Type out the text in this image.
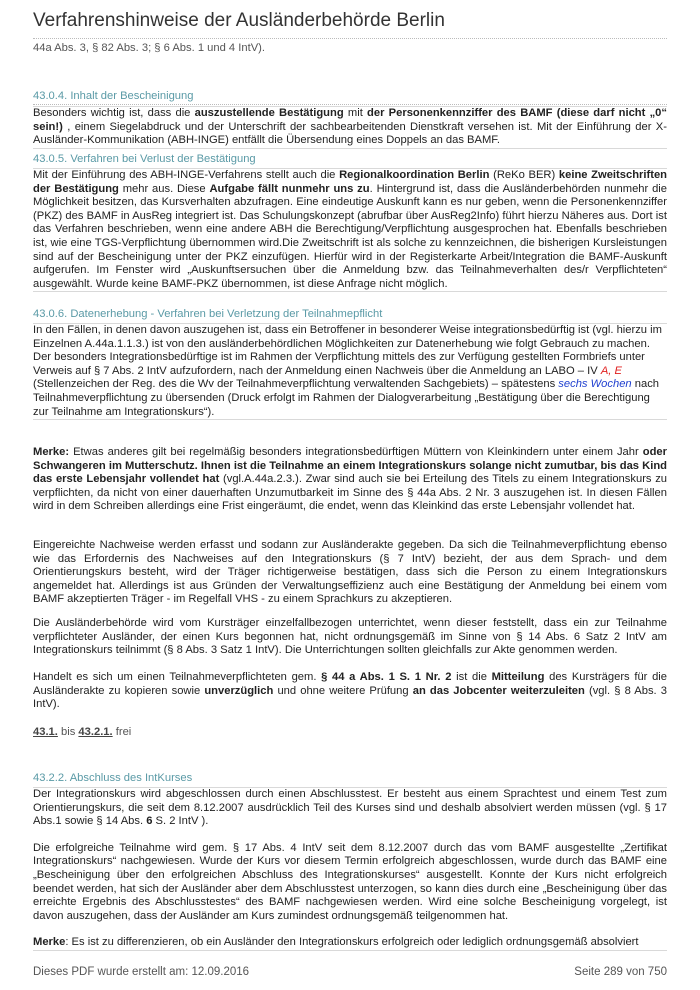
Verfahrenshinweise der Ausländerbehörde Berlin
44a Abs. 3, § 82 Abs. 3; § 6 Abs. 1 und 4 IntV).
43.0.4. Inhalt der Bescheinigung
Besonders wichtig ist, dass die auszustellende Bestätigung mit der Personenkennziffer des BAMF (diese darf nicht „0“ sein!) , einem Siegelabdruck und der Unterschrift der sachbearbeitenden Dienstkraft versehen ist. Mit der Einführung der X-Ausländer-Kommunikation (ABH-INGE) entfällt die Übersendung eines Doppels an das BAMF.
43.0.5. Verfahren bei Verlust der Bestätigung
Mit der Einführung des ABH-INGE-Verfahrens stellt auch die Regionalkoordination Berlin (ReKo BER) keine Zweitschriften der Bestätigung mehr aus. Diese Aufgabe fällt nunmehr uns zu. Hintergrund ist, dass die Ausländerbehörden nunmehr die Möglichkeit besitzen, das Kursverhalten abzufragen. Eine eindeutige Auskunft kann es nur geben, wenn die Personenkennziffer (PKZ) des BAMF in AusReg integriert ist. Das Schulungskonzept (abrufbar über AusReg2Info) führt hierzu Näheres aus. Dort ist das Verfahren beschrieben, wenn eine andere ABH die Berechtigung/Verpflichtung ausgesprochen hat. Ebenfalls beschrieben ist, wie eine TGS-Verpflichtung übernommen wird.Die Zweitschrift ist als solche zu kennzeichnen, die bisherigen Kursleistungen sind auf der Bescheinigung unter der PKZ einzufügen. Hierfür wird in der Registerkarte Arbeit/Integration die BAMF-Auskunft aufgerufen. Im Fenster wird „Auskunftsersuchen über die Anmeldung bzw. das Teilnahmeverhalten des/r Verpflichteten“ ausgewählt. Wurde keine BAMF-PKZ übernommen, ist diese Anfrage nicht möglich.
43.0.6. Datenerhebung - Verfahren bei Verletzung der Teilnahmepflicht

In den Fällen, in denen davon auszugehen ist, dass ein Betroffener in besonderer Weise integrationsbedürftig ist (vgl. hierzu im Einzelnen A.44a.1.1.3.) ist von den ausländerbehördlichen Möglichkeiten zur Datenerhebung wie folgt Gebrauch zu machen.

Der besonders Integrationsbedürftige ist im Rahmen der Verpflichtung mittels des zur Verfügung gestellten Formbriefs unter Verweis auf § 7 Abs. 2 IntV aufzufordern, nach der Anmeldung einen Nachweis über die Anmeldung an LABO – IV A, E (Stellenzeichen der Reg. des die Wv der Teilnahmeverpflichtung verwaltenden Sachgebiets) – spätestens sechs Wochen nach Teilnahmeverpflichtung zu übersenden (Druck erfolgt im Rahmen der Dialogverarbeitung „Bestätigung über die Berechtigung zur Teilnahme am Integrationskurs“).

Merke: Etwas anderes gilt bei regelmäßig besonders integrationsbedürftigen Müttern von Kleinkindern unter einem Jahr oder Schwangeren im Mutterschutz. Ihnen ist die Teilnahme an einem Integrationskurs solange nicht zumutbar, bis das Kind das erste Lebensjahr vollendet hat (vgl.A.44a.2.3.). Zwar sind auch sie bei Erteilung des Titels zu einem Integrationskurs zu verpflichten, da nicht von einer dauerhaften Unzumutbarkeit im Sinne des § 44a Abs. 2 Nr. 3 auszugehen ist. In diesen Fällen wird in dem Schreiben allerdings eine Frist eingeräumt, die endet, wenn das Kleinkind das erste Lebensjahr vollendet hat.
Eingereichte Nachweise werden erfasst und sodann zur Ausländerakte gegeben. Da sich die Teilnahmeverpflichtung ebenso wie das Erfordernis des Nachweises auf den Integrationskurs (§ 7 IntV) bezieht, der aus dem Sprach- und dem Orientierungskurs besteht, wird der Träger richtigerweise bestätigen, dass sich die Person zu einem Integrationskurs angemeldet hat. Allerdings ist aus Gründen der Verwaltungseffizienz auch eine Bestätigung der Anmeldung bei einem vom BAMF akzeptierten Träger - im Regelfall VHS - zu einem Sprachkurs zu akzeptieren.
Die Ausländerbehörde wird vom Kursträger einzelfallbezogen unterrichtet, wenn dieser feststellt, dass ein zur Teilnahme verpflichteter Ausländer, der einen Kurs begonnen hat, nicht ordnungsgemäß im Sinne von § 14 Abs. 6 Satz 2 IntV am Integrationskurs teilnimmt (§ 8 Abs. 3 Satz 1 IntV). Die Unterrichtungen sollten gleichfalls zur Akte genommen werden.
Handelt es sich um einen Teilnahmeverpflichteten gem. § 44 a Abs. 1 S. 1 Nr. 2 ist die Mitteilung des Kursträgers für die Ausländerakte zu kopieren sowie unverzüglich und ohne weitere Prüfung an das Jobcenter weiterzuleiten (vgl. § 8 Abs. 3 IntV).
43.1. bis 43.2.1. frei
43.2.2. Abschluss des IntKurses

Der Integrationskurs wird abgeschlossen durch einen Abschlusstest. Er besteht aus einem Sprachtest und einem Test zum Orientierungskurs, die seit dem 8.12.2007 ausdrücklich Teil des Kurses sind und deshalb absolviert werden müssen (vgl. § 17 Abs.1 sowie § 14 Abs. 6 S. 2 IntV ).

Die erfolgreiche Teilnahme wird gem. § 17 Abs. 4 IntV seit dem 8.12.2007 durch das vom BAMF ausgestellte „Zertifikat Integrationskurs“ nachgewiesen. Wurde der Kurs vor diesem Termin erfolgreich abgeschlossen, wurde durch das BAMF eine „Bescheinigung über den erfolgreichen Abschluss des Integrationskurses“ ausgestellt. Konnte der Kurs nicht erfolgreich beendet werden, hat sich der Ausländer aber dem Abschlusstest unterzogen, so kann dies durch eine „Bescheinigung über das erreichte Ergebnis des Abschlusstestes“ des BAMF nachgewiesen werden. Wird eine solche Bescheinigung vorgelegt, ist davon auszugehen, dass der Ausländer am Kurs zumindest ordnungsgemäß teilgenommen hat.

Merke: Es ist zu differenzieren, ob ein Ausländer den Integrationskurs erfolgreich oder lediglich ordnungsgemäß absolviert

Dieses PDF wurde erstellt am: 12.09.2016	Seite 289 von 750
